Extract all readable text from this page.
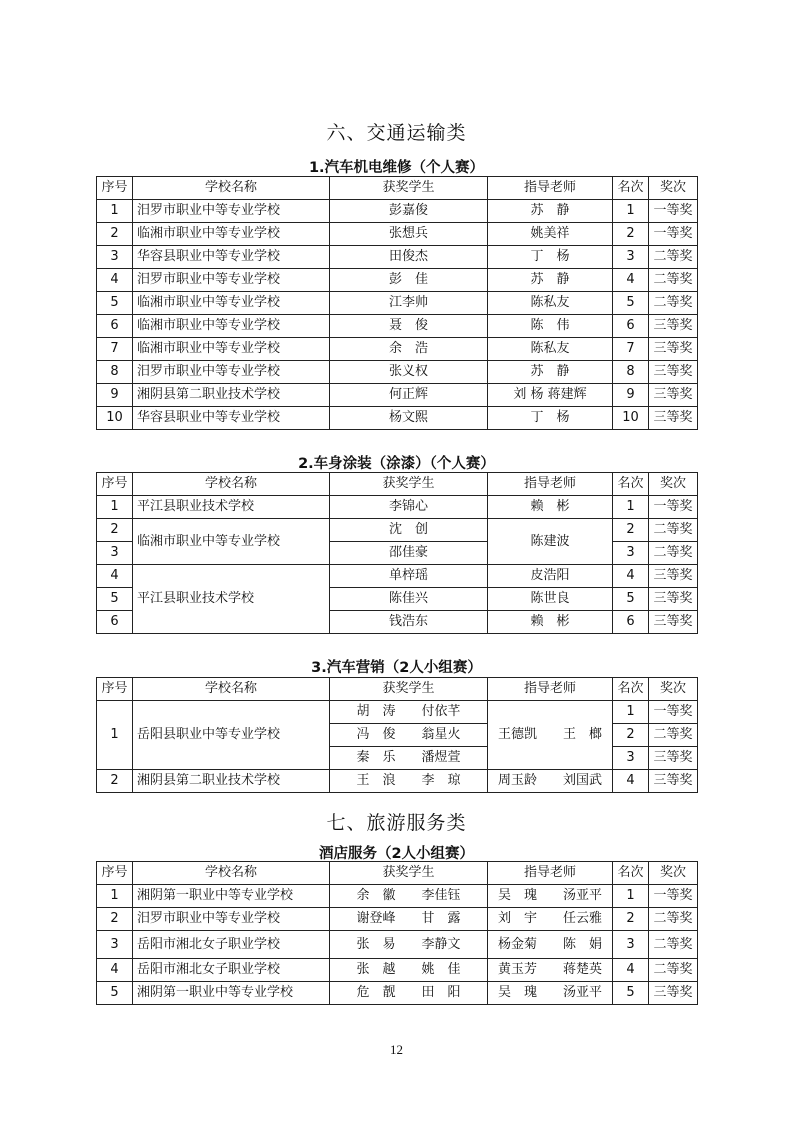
六、交通运输类
1.汽车机电维修（个人赛）
序号	学校名称	获奖学生	指导老师	名次	奖次
1	汨罗市职业中等专业学校	彭嘉俊	苏　静	1	一等奖
2	临湘市职业中等专业学校	张想兵	姚美祥	2	一等奖
3	华容县职业中等专业学校	田俊杰	丁　杨	3	二等奖
4	汨罗市职业中等专业学校	彭　佳	苏　静	4	二等奖
5	临湘市职业中等专业学校	江李帅	陈私友	5	二等奖
6	临湘市职业中等专业学校	聂　俊	陈　伟	6	三等奖
7	临湘市职业中等专业学校	余　浩	陈私友	7	三等奖
8	汨罗市职业中等专业学校	张义权	苏　静	8	三等奖
9	湘阴县第二职业技术学校	何正辉	刘 杨 蒋建辉	9	三等奖
10	华容县职业中等专业学校	杨文熙	丁　杨	10	三等奖
2.车身涂装（涂漆）（个人赛）
序号	学校名称	获奖学生	指导老师	名次	奖次
1	平江县职业技术学校	李锦心	赖　彬	1	一等奖
2	临湘市职业中等专业学校	沈　创	陈建波	2	二等奖
3		邵佳豪		3	二等奖
4	平江县职业技术学校	单梓瑶	皮浩阳	4	三等奖
5		陈佳兴	陈世良	5	三等奖
6		钱浩东	赖　彬	6	三等奖
3.汽车营销（2人小组赛）
序号	学校名称	获奖学生	指导老师	名次	奖次
1	岳阳县职业中等专业学校	胡　涛　　付依芊	王德凯　　王　榔	1	一等奖
		冯　俊　　翁星火		2	二等奖
		秦　乐　　潘煜萱		3	三等奖
2	湘阴县第二职业技术学校	王　浪　　李　琼	周玉龄　　刘国武	4	三等奖
七、旅游服务类
酒店服务（2人小组赛）
序号	学校名称	获奖学生	指导老师	名次	奖次
1	湘阴第一职业中等专业学校	余　徽　　李佳钰	吴　瑰　　汤亚平	1	一等奖
2	汨罗市职业中等专业学校	谢登峰　　甘　露	刘　宇　　任云雅	2	二等奖
3	岳阳市湘北女子职业学校	张　易　　李静文	杨金菊　　陈　娟	3	二等奖
4	岳阳市湘北女子职业学校	张　越　　姚　佳	黄玉芳　　蒋楚英	4	二等奖
5	湘阴第一职业中等专业学校	危　靓　　田　阳	吴　瑰　　汤亚平	5	三等奖
12
